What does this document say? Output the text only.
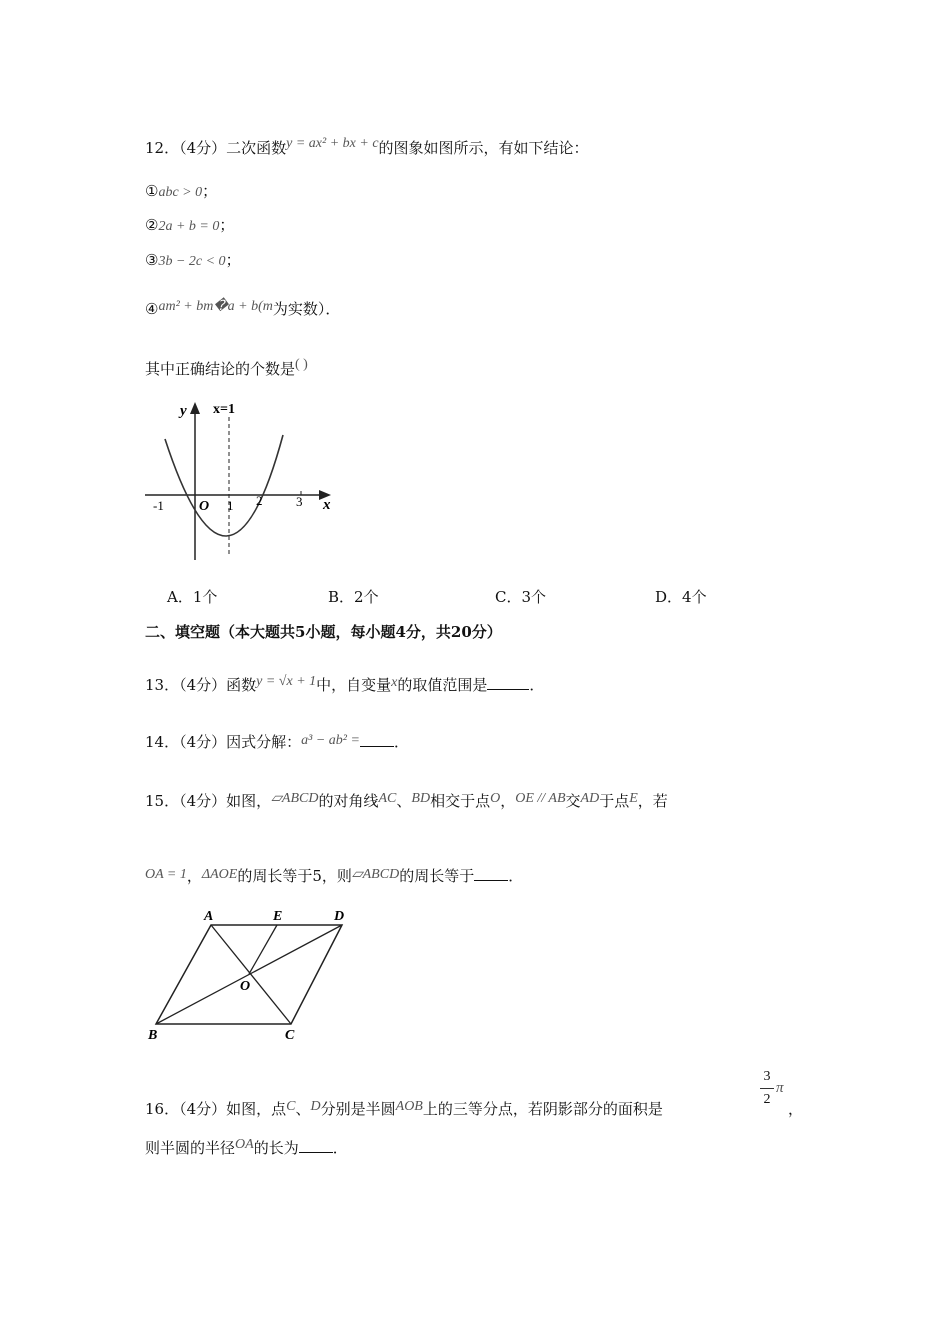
12．（4分）二次函数y = ax² + bx + c的图象如图所示，有如下结论：
①abc > 0；
②2a + b = 0；
③3b − 2c < 0；
④am² + bm�a + b(m为实数）．
其中正确结论的个数是( )
y x=1
x
O
-1	1 2	3
A．1个	B．2个	C．3个	D．4个
二、填空题（本大题共5小题，每小题4分，共20分）
13．（4分）函数y = √x + 1中，自变量x的取值范围是	．
14．（4分）因式分解：a³ − ab² = ．
15．（4分）如图，▱ABCD的对角线AC、BD相交于点O，OE // AB交AD于点E，若
OA = 1，ΔAOE的周长等于5，则▱ABCD的周长等于 ．
A	E	D
O
B	C
16．（4分）如图，点C、D分别是半圆AOB上的三等分点，若阴影部分的面积是
3
2
π
，
则半圆的半径OA的长为 ．
